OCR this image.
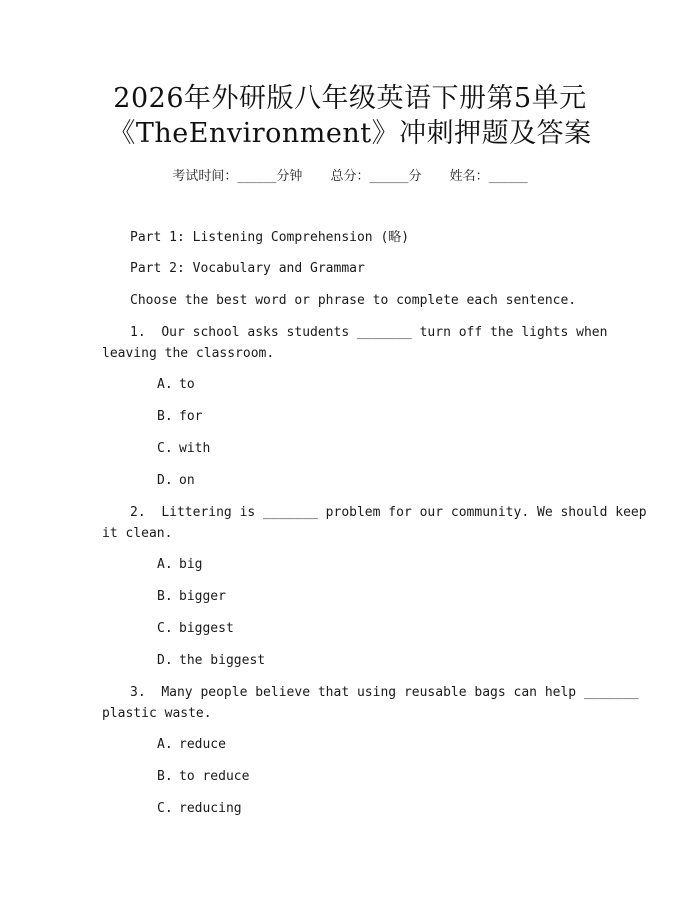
2026年外研版八年级英语下册第5单元
《TheEnvironment》冲刺押题及答案
考试时间：______分钟 总分：______分 姓名：______
Part 1: Listening Comprehension (略)
Part 2: Vocabulary and Grammar
Choose the best word or phrase to complete each sentence.
1. Our school asks students _______ turn off the lights when
leaving the classroom.
A. to
B. for
C. with
D. on
2. Littering is _______ problem for our community. We should keep
it clean.
A. big
B. bigger
C. biggest
D. the biggest
3. Many people believe that using reusable bags can help _______
plastic waste.
A. reduce
B. to reduce
C. reducing
